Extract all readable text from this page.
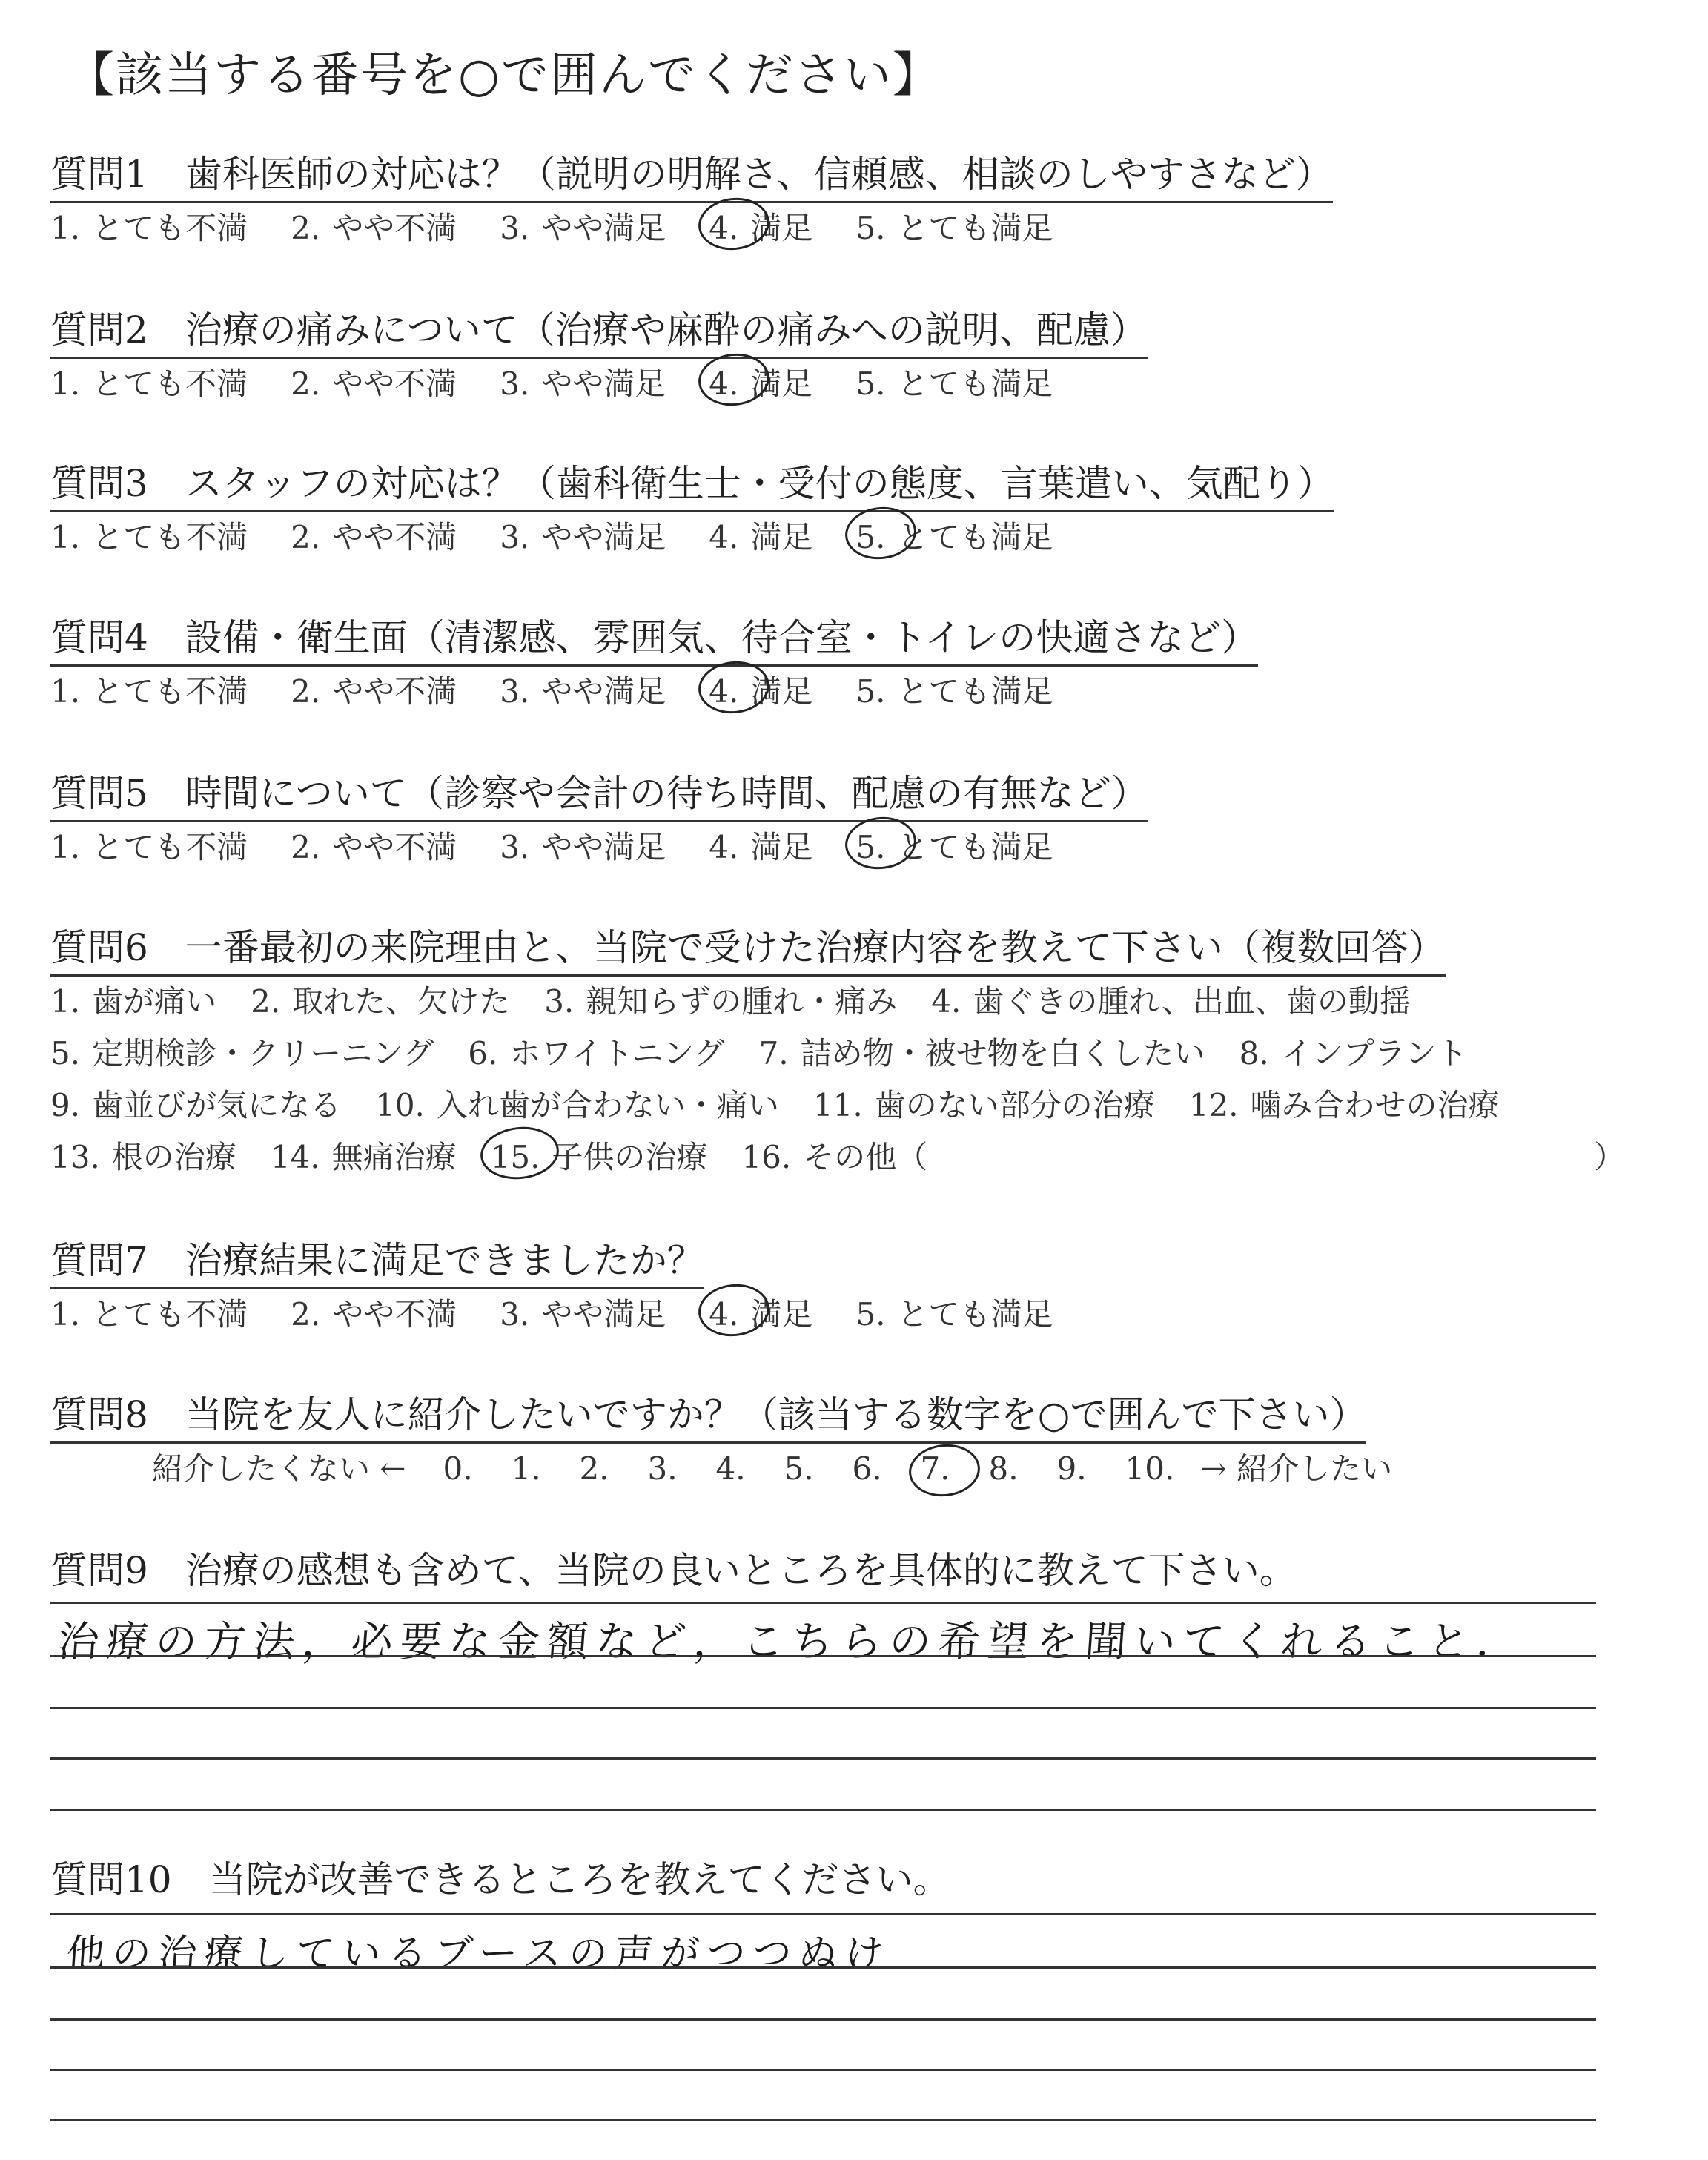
【該当する番号を○で囲んでください】
質問1　歯科医師の対応は？（説明の明解さ、信頼感、相談のしやすさなど）
1. とても不満 2. やや不満 3. やや満足 4. 満足 5. とても満足
質問2　治療の痛みについて（治療や麻酔の痛みへの説明、配慮）
1. とても不満 2. やや不満 3. やや満足 4. 満足 5. とても満足
質問3　スタッフの対応は？（歯科衛生士・受付の態度、言葉遣い、気配り）
1. とても不満 2. やや不満 3. やや満足 4. 満足 5. とても満足
質問4　設備・衛生面（清潔感、雰囲気、待合室・トイレの快適さなど）
1. とても不満 2. やや不満 3. やや満足 4. 満足 5. とても満足
質問5　時間について（診察や会計の待ち時間、配慮の有無など）
1. とても不満 2. やや不満 3. やや満足 4. 満足 5. とても満足
質問6　一番最初の来院理由と、当院で受けた治療内容を教えて下さい（複数回答）
1. 歯が痛い 2. 取れた、欠けた 3. 親知らずの腫れ・痛み 4. 歯ぐきの腫れ、出血、歯の動揺
5. 定期検診・クリーニング 6. ホワイトニング 7. 詰め物・被せ物を白くしたい 8. インプラント
9. 歯並びが気になる 10. 入れ歯が合わない・痛い 11. 歯のない部分の治療 12. 噛み合わせの治療
13. 根の治療 14. 無痛治療 15. 子供の治療 16. その他（	）
質問7　治療結果に満足できましたか？
1. とても不満 2. やや不満 3. やや満足 4. 満足 5. とても満足
質問8　当院を友人に紹介したいですか？（該当する数字を○で囲んで下さい）
紹介したくない ← 0. 1. 2. 3. 4. 5. 6. 7. 8. 9. 10. → 紹介したい
質問9　治療の感想も含めて、当院の良いところを具体的に教えて下さい。
治療の方法，必要な金額など，こちらの希望を聞いてくれること．
質問10　当院が改善できるところを教えてください。
他の治療しているブースの声がつつぬけ
